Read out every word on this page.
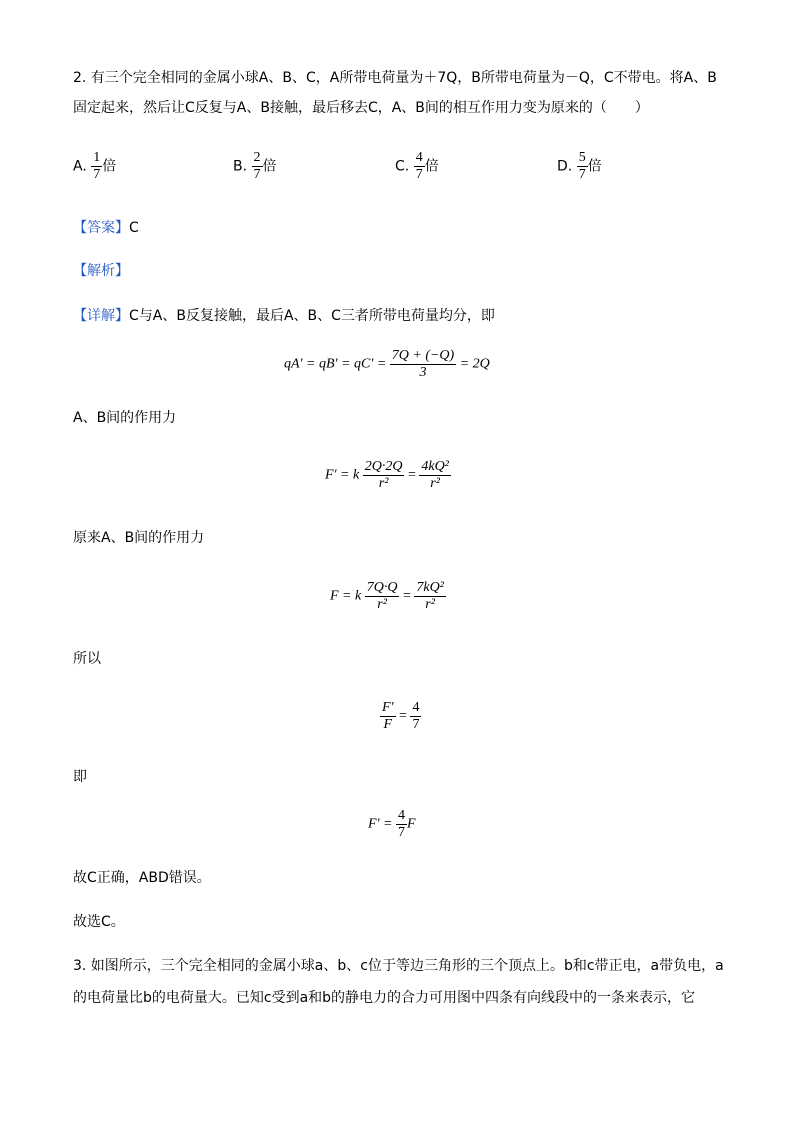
2. 有三个完全相同的金属小球A、B、C，A所带电荷量为＋7Q，B所带电荷量为－Q，C不带电。将A、B
固定起来，然后让C反复与A、B接触，最后移去C，A、B间的相互作用力变为原来的（　　）
A. $\frac{1}{7}$ 倍	B. $\frac{2}{7}$ 倍	C. $\frac{4}{7}$ 倍	D. $\frac{5}{7}$ 倍
【答案】C
【解析】
【详解】C与A、B反复接触，最后A、B、C三者所带电荷量均分，即
$qA' = qB' = qC' = \frac{7Q + (-Q)}{3} = 2Q$
A、B间的作用力
F' = k $\frac{2Q\cdot 2Q}{\text{r²}} = \frac{\text{4kQ²}}{\text{r²}}$
原来A、B间的作用力
F = k $\frac{7Q\cdot Q}{\text{r²}} = \frac{\text{7kQ²}}{\text{r²}}$
所以
$\frac{F'}{F} = \frac{4}{7}$
即
$F' = \frac{4}{7}$ F
故C正确，ABD错误。
故选C。
3. 如图所示，三个完全相同的金属小球a、b、c位于等边三角形的三个顶点上。b和c带正电，a带负电，a
的电荷量比b的电荷量大。已知c受到a和b的静电力的合力可用图中四条有向线段中的一条来表示，它
